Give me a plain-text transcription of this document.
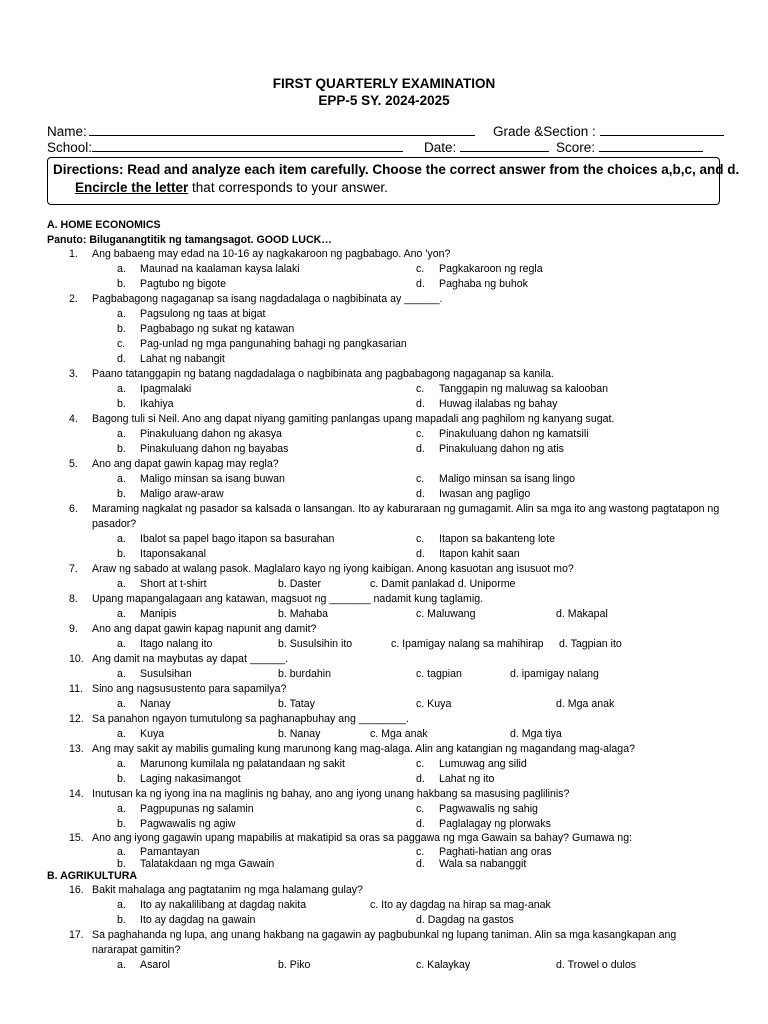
FIRST QUARTERLY EXAMINATION
EPP-5 SY. 2024-2025
Name:	Grade &Section :
School:	Date:	Score:
Directions: Read and analyze each item carefully. Choose the correct answer from the choices a,b,c, and d.
Encircle the letter that corresponds to your answer.
A. HOME ECONOMICS
Panuto: Biluganangtitik ng tamangsagot. GOOD LUCK…
B. AGRIKULTURA
1. Ang babaeng may edad na 10-16 ay nagkakaroon ng pagbabago. Ano 'yon?
a. Maunad na kaalaman kaysa lalaki	c. Pagkakaroon ng regla
b. Pagtubo ng bigote	d. Paghaba ng buhok
2. Pagbabagong nagaganap sa isang nagdadalaga o nagbibinata ay ______.
a. Pagsulong ng taas at bigat
b. Pagbabago ng sukat ng katawan
c. Pag-unlad ng mga pangunahing bahagi ng pangkasarian
d. Lahat ng nabangit
3. Paano tatanggapin ng batang nagdadalaga o nagbibinata ang pagbabagong nagaganap sa kanila.
a. Ipagmalaki	c. Tanggapin ng maluwag sa kalooban
b. Ikahiya	d. Huwag ilalabas ng bahay
4. Bagong tuli si Neil. Ano ang dapat niyang gamiting panlangas upang mapadali ang paghilom ng kanyang sugat.
a. Pinakuluang dahon ng akasya	c. Pinakuluang dahon ng kamatsili
b. Pinakuluang dahon ng bayabas	d. Pinakuluang dahon ng atis
5. Ano ang dapat gawin kapag may regla?
a. Maligo minsan sa isang buwan	c. Maligo minsan sa isang lingo
b. Maligo araw-araw	d. Iwasan ang pagligo
6. Maraming nagkalat ng pasador sa kalsada o lansangan. Ito ay kaburaraan ng gumagamit. Alin sa mga ito ang wastong pagtatapon ng
pasador?
a. Ibalot sa papel bago itapon sa basurahan	c. Itapon sa bakanteng lote
b. Itaponsakanal	d. Itapon kahit saan
7. Araw ng sabado at walang pasok. Maglalaro kayo ng iyong kaibigan. Anong kasuotan ang isusuot mo?
a. Short at t-shirt	b. Daster	c. Damit panlakad d. Uniporme
8. Upang mapangalagaan ang katawan, magsuot ng _______ nadamit kung taglamig.
a. Manipis	b. Mahaba	c. Maluwang	d. Makapal
9. Ano ang dapat gawin kapag napunit ang damit?
a. Itago nalang ito	b. Susulsihin ito	c. Ipamigay nalang sa mahihirap d. Tagpian ito
10. Ang damit na maybutas ay dapat ______.
a. Susulsihan	b. burdahin	c. tagpian	d. ipamigay nalang
11. Sino ang nagsusustento para sapamilya?
a. Nanay	b. Tatay	c. Kuya	d. Mga anak
12. Sa panahon ngayon tumutulong sa paghanapbuhay ang ________.
a. Kuya	b. Nanay	c. Mga anak	d. Mga tiya
13. Ang may sakit ay mabilis gumaling kung marunong kang mag-alaga. Alin ang katangian ng magandang mag-alaga?
a. Marunong kumilala ng palatandaan ng sakit	c. Lumuwag ang silid
b. Laging nakasimangot	d. Lahat ng ito
14. Inutusan ka ng iyong ina na maglinis ng bahay, ano ang iyong unang hakbang sa masusing paglilinis?
a. Pagpupunas ng salamin	c. Pagwawalis ng sahig
b. Pagwawalis ng agiw	d. Paglalagay ng plorwaks
15. Ano ang iyong gagawin upang mapabilis at makatipid sa oras sa paggawa ng mga Gawain sa bahay? Gumawa ng:
a. Pamantayan	c. Paghati-hatian ang oras
b. Talatakdaan ng mga Gawain	d. Wala sa nabanggit
16. Bakit mahalaga ang pagtatanim ng mga halamang gulay?
a. Ito ay nakalilibang at dagdag nakita	c. Ito ay dagdag na hirap sa mag-anak
b. Ito ay dagdag na gawain	d. Dagdag na gastos
17. Sa paghahanda ng lupa, ang unang hakbang na gagawin ay pagbubunkal ng lupang taniman. Alin sa mga kasangkapan ang
nararapat gamitin?
a. Asarol	b. Piko	c. Kalaykay	d. Trowel o dulos
